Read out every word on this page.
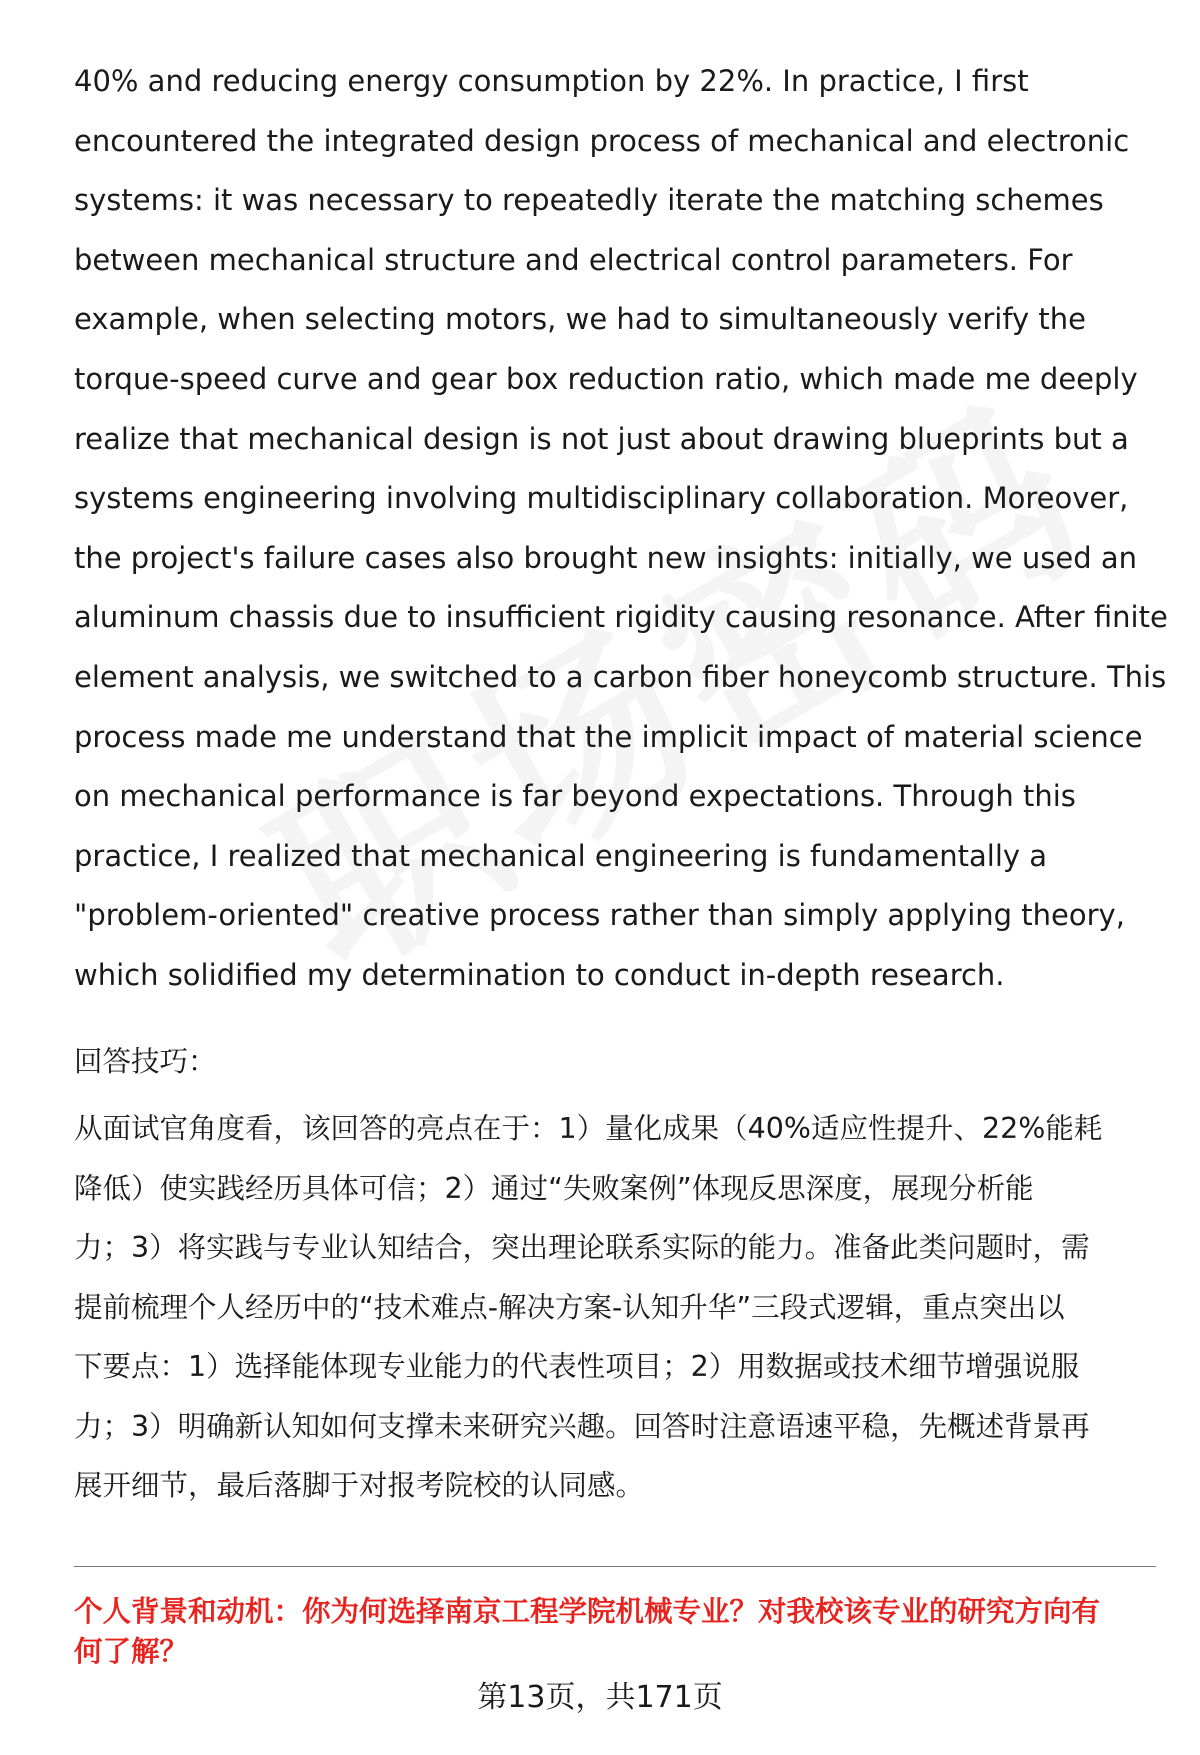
40% and reducing energy consumption by 22%. In practice, I first
encountered the integrated design process of mechanical and electronic
systems: it was necessary to repeatedly iterate the matching schemes
between mechanical structure and electrical control parameters. For
example, when selecting motors, we had to simultaneously verify the
torque-speed curve and gear box reduction ratio, which made me deeply
realize that mechanical design is not just about drawing blueprints but a
systems engineering involving multidisciplinary collaboration. Moreover,
the project's failure cases also brought new insights: initially, we used an
aluminum chassis due to insufficient rigidity causing resonance. After finite
element analysis, we switched to a carbon fiber honeycomb structure. This
process made me understand that the implicit impact of material science
on mechanical performance is far beyond expectations. Through this
practice, I realized that mechanical engineering is fundamentally a
"problem-oriented" creative process rather than simply applying theory,
which solidified my determination to conduct in-depth research.
回答技巧：
从面试官角度看，该回答的亮点在于：1）量化成果（40%适应性提升、22%能耗
降低）使实践经历具体可信；2）通过“失败案例”体现反思深度，展现分析能
力；3）将实践与专业认知结合，突出理论联系实际的能力。准备此类问题时，需
提前梳理个人经历中的“技术难点-解决方案-认知升华”三段式逻辑，重点突出以
下要点：1）选择能体现专业能力的代表性项目；2）用数据或技术细节增强说服
力；3）明确新认知如何支撑未来研究兴趣。回答时注意语速平稳，先概述背景再
展开细节，最后落脚于对报考院校的认同感。
个人背景和动机：你为何选择南京工程学院机械专业？对我校该专业的研究方向有
何了解？
第13页，共171页
